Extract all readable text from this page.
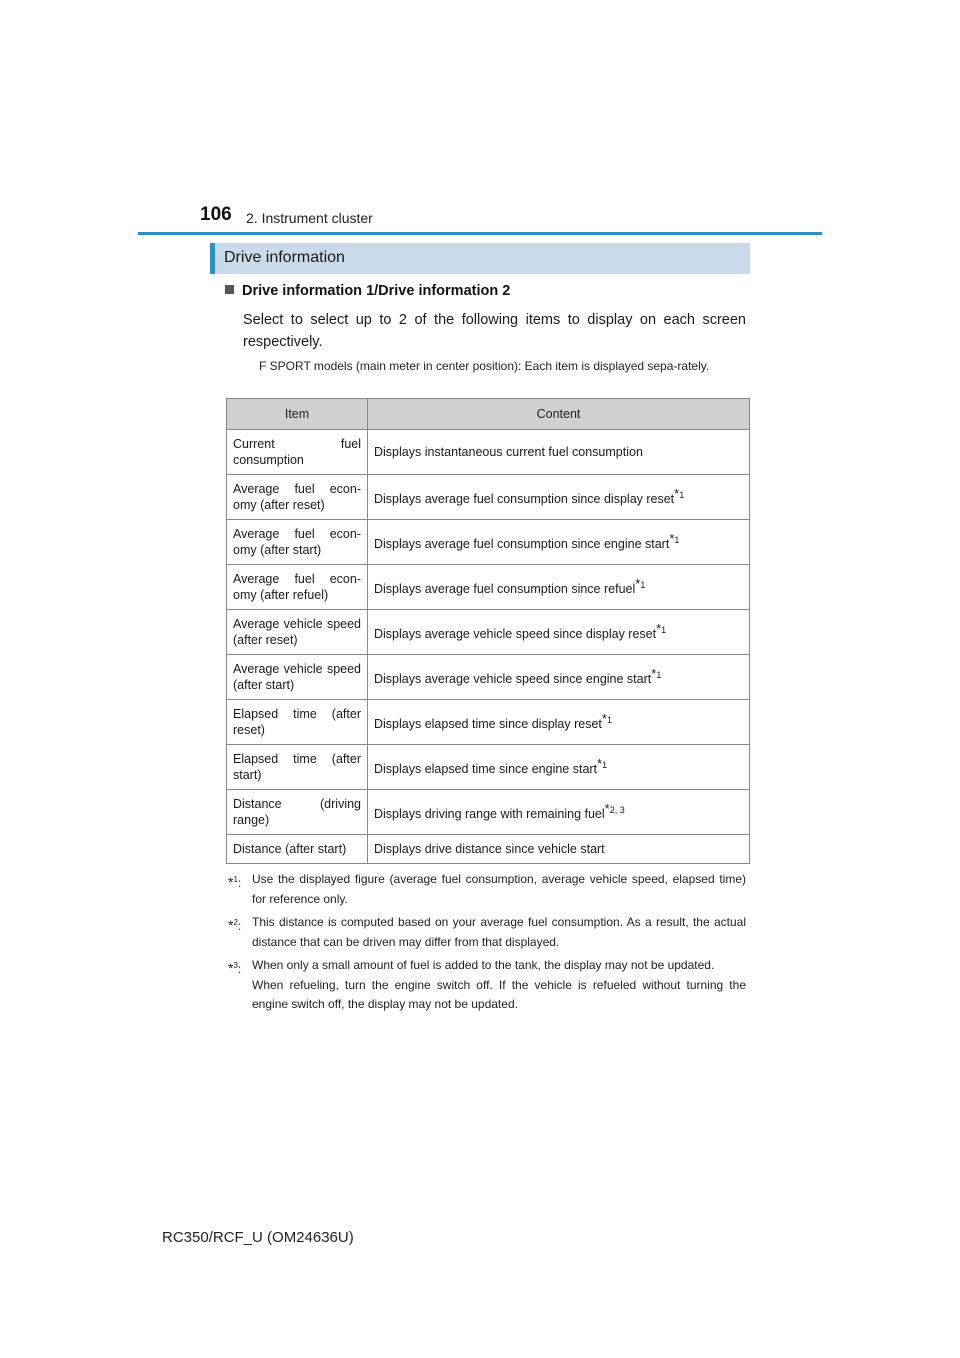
106 2. Instrument cluster
Drive information
Drive information 1/Drive information 2
Select to select up to 2 of the following items to display on each screen respectively.
F SPORT models (main meter in center position): Each item is displayed sepa-rately.
Item	Content
Current fuel consumption	Displays instantaneous current fuel consumption
Average fuel econ-omy (after reset)	Displays average fuel consumption since display reset$^{*1}$
Average fuel econ-omy (after start)	Displays average fuel consumption since engine start$^{*1}$
Average fuel econ-omy (after refuel)	Displays average fuel consumption since refuel$^{*1}$
Average vehicle speed (after reset)	Displays average vehicle speed since display reset$^{*1}$
Average vehicle speed (after start)	Displays average vehicle speed since engine start$^{*1}$
Elapsed time (after reset)	Displays elapsed time since display reset$^{*1}$
Elapsed time (after start)	Displays elapsed time since engine start$^{*1}$
Distance (driving range)	Displays driving range with remaining fuel$^{*2, 3}$
Distance (after start)	Displays drive distance since vehicle start
*$^1$: Use the displayed figure (average fuel consumption, average vehicle speed, elapsed time) for reference only.
*$^2$: This distance is computed based on your average fuel consumption. As a result, the actual distance that can be driven may differ from that displayed.
*$^3$: When only a small amount of fuel is added to the tank, the display may not be updated.
When refueling, turn the engine switch off. If the vehicle is refueled without turning the engine switch off, the display may not be updated.
RC350/RCF_U (OM24636U)
